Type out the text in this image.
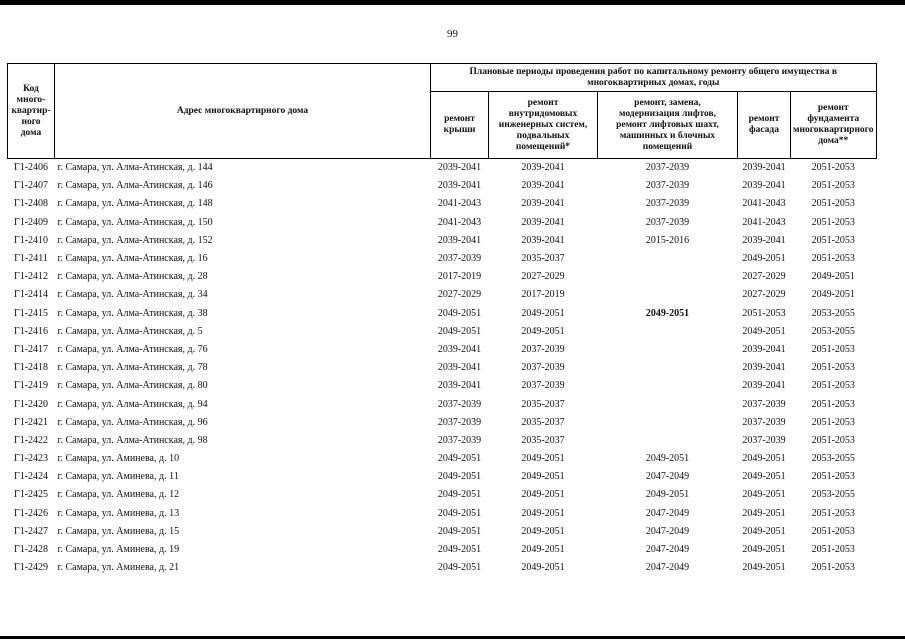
99
Код
много-
квартир-
ного
дома	Адрес многоквартирного дома	Плановые периоды проведения работ по капитальному ремонту общего имущества в многоквартирных домах, годы				
		ремонт
крыши	ремонт
внутридомовых
инженерных систем,
подвальных
помещений*	ремонт, замена,
модернизация лифтов,
ремонт лифтовых шахт,
машинных и блочных
помещений	ремонт
фасада	ремонт
фундамента
многоквартирного
дома**
Г1-2406	г. Самара, ул. Алма-Атинская, д. 144	2039-2041	2039-2041	2037-2039	2039-2041	2051-2053
Г1-2407	г. Самара, ул. Алма-Атинская, д. 146	2039-2041	2039-2041	2037-2039	2039-2041	2051-2053
Г1-2408	г. Самара, ул. Алма-Атинская, д. 148	2041-2043	2039-2041	2037-2039	2041-2043	2051-2053
Г1-2409	г. Самара, ул. Алма-Атинская, д. 150	2041-2043	2039-2041	2037-2039	2041-2043	2051-2053
Г1-2410	г. Самара, ул. Алма-Атинская, д. 152	2039-2041	2039-2041	2015-2016	2039-2041	2051-2053
Г1-2411	г. Самара, ул. Алма-Атинская, д. 16	2037-2039	2035-2037		2049-2051	2051-2053
Г1-2412	г. Самара, ул. Алма-Атинская, д. 28	2017-2019	2027-2029		2027-2029	2049-2051
Г1-2414	г. Самара, ул. Алма-Атинская, д. 34	2027-2029	2017-2019		2027-2029	2049-2051
Г1-2415	г. Самара, ул. Алма-Атинская, д. 38	2049-2051	2049-2051	2049-2051	2051-2053	2053-2055
Г1-2416	г. Самара, ул. Алма-Атинская, д. 5	2049-2051	2049-2051		2049-2051	2053-2055
Г1-2417	г. Самара, ул. Алма-Атинская, д. 76	2039-2041	2037-2039		2039-2041	2051-2053
Г1-2418	г. Самара, ул. Алма-Атинская, д. 78	2039-2041	2037-2039		2039-2041	2051-2053
Г1-2419	г. Самара, ул. Алма-Атинская, д. 80	2039-2041	2037-2039		2039-2041	2051-2053
Г1-2420	г. Самара, ул. Алма-Атинская, д. 94	2037-2039	2035-2037		2037-2039	2051-2053
Г1-2421	г. Самара, ул. Алма-Атинская, д. 96	2037-2039	2035-2037		2037-2039	2051-2053
Г1-2422	г. Самара, ул. Алма-Атинская, д. 98	2037-2039	2035-2037		2037-2039	2051-2053
Г1-2423	г. Самара, ул. Аминева, д. 10	2049-2051	2049-2051	2049-2051	2049-2051	2053-2055
Г1-2424	г. Самара, ул. Аминева, д. 11	2049-2051	2049-2051	2047-2049	2049-2051	2051-2053
Г1-2425	г. Самара, ул. Аминева, д. 12	2049-2051	2049-2051	2049-2051	2049-2051	2053-2055
Г1-2426	г. Самара, ул. Аминева, д. 13	2049-2051	2049-2051	2047-2049	2049-2051	2051-2053
Г1-2427	г. Самара, ул. Аминева, д. 15	2049-2051	2049-2051	2047-2049	2049-2051	2051-2053
Г1-2428	г. Самара, ул. Аминева, д. 19	2049-2051	2049-2051	2047-2049	2049-2051	2051-2053
Г1-2429	г. Самара, ул. Аминева, д. 21	2049-2051	2049-2051	2047-2049	2049-2051	2051-2053
